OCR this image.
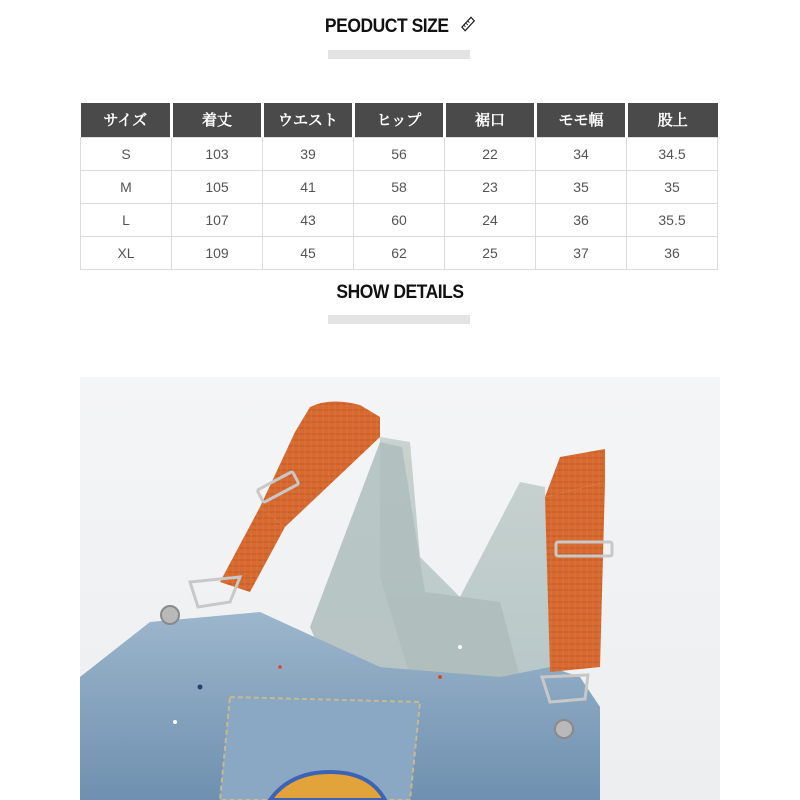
PEODUCT SIZE
サイズ	着丈	ウエスト	ヒップ	裾口	モモ幅	股上
S	103	39	56	22	34	34.5
M	105	41	58	23	35	35
L	107	43	60	24	36	35.5
XL	109	45	62	25	37	36
SHOW DETAILS
